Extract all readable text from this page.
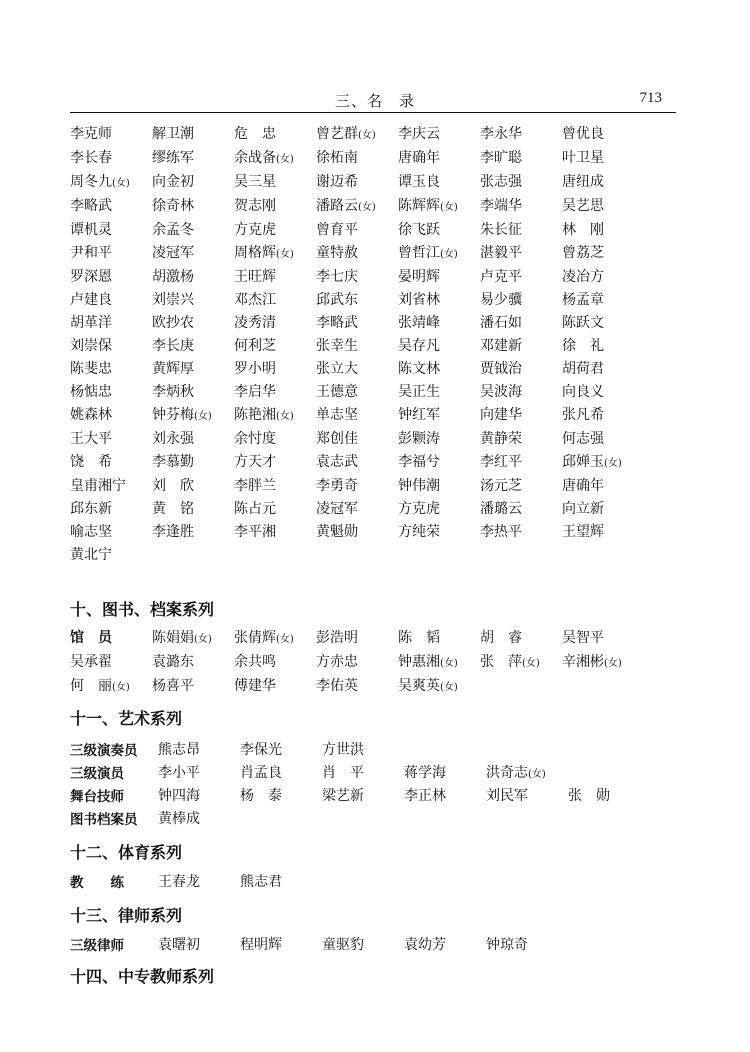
三、名　录	713
李克师	解卫潮	危　忠	曾艺群(女)	李庆云	李永华	曾优良
李长春	缪练军	余战备(女)	徐柘南	唐确年	李旷聪	叶卫星
周冬九(女)	向金初	吴三星	谢迈希	谭玉良	张志强	唐纽成
李略武	徐奇林	贺志刚	潘路云(女)	陈辉辉(女)	李端华	吴艺思
谭机灵	余孟冬	方克虎	曾育平	徐飞跃	朱长征	林　刚
尹和平	凌冠军	周格辉(女)	童特赦	曾哲江(女)	湛毅平	曾荔芝
罗深恩	胡激杨	王旺辉	李七庆	晏明辉	卢克平	凌冶方
卢建良	刘崇兴	邓杰江	邱武东	刘省林	易少骥	杨孟章
胡革洋	欧抄农	凌秀清	李略武	张靖峰	潘石如	陈跃文
刘崇保	李长庚	何利芝	张幸生	吴存凡	邓建新	徐　礼
陈斐忠	黄辉厚	罗小明	张立大	陈文林	贾钺治	胡荷君
杨惦忠	李炳秋	李启华	王德意	吴正生	吴波海	向良义
姚森林	钟芬梅(女)	陈艳湘(女)	单志坚	钟红军	向建华	张凡希
王大平	刘永强	余忖度	郑创佳	彭颗涛	黄静荣	何志强
饶　希	李慕勤	方天才	袁志武	李福兮	李红平	邱婵玉(女)
皇甫湘宁	刘　欣	李胖兰	李勇奇	钟伟潮	汤元芝	唐确年
邱东新	黄　铭	陈占元	凌冠军	方克虎	潘璐云	向立新
喻志坚	李逢胜	李平湘	黄魁勋	方纯荣	李热平	王望辉
黄北宁
十、图书、档案系列
馆　员	陈娟娟(女)	张倩辉(女)	彭浩明	陈　韬	胡　睿	吴智平
吴承翟	袁潞东	余共鸣	方赤忠	钟惠湘(女)	张　萍(女)	辛湘彬(女)
何　丽(女)	杨喜平	傅建华	李佑英	吴爽英(女)
十一、艺术系列
三级演奏员 熊志昂	李保光	方世洪
三级演员 李小平	肖孟良	肖　平	蒋学海	洪奇志(女)
舞台技师 钟四海	杨　泰	梁艺新	李正林	刘民军	张　勋
图书档案员 黄棒成
十二、体育系列
教　　练 王春龙	熊志君
十三、律师系列
三级律师 袁曙初	程明辉	童驱豹	袁幼芳	钟琼奇
十四、中专教师系列
